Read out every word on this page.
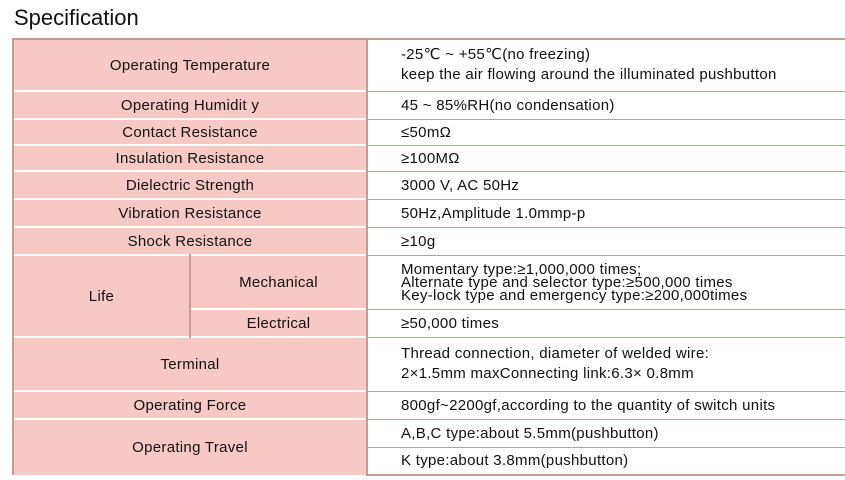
Specification
Operating Temperature		-25℃ ~ +55℃(no freezing)
keep the air flowing around the illuminated pushbutton

Operating Humidit y		45 ~ 85%RH(no condensation)
Contact Resistance		≤50mΩ
Insulation Resistance		≥100MΩ
Dielectric Strength		3000 V, AC 50Hz
Vibration Resistance		50Hz,Amplitude 1.0mmp-p
Shock Resistance		≥10g
Life	Mechanical	Momentary type:≥1,000,000 times;
Alternate type and selector type:≥500,000 times
Key-lock type and emergency type:≥200,000times

	Electrical	≥50,000 times
Terminal		Thread connection, diameter of welded wire:
2×1.5mm maxConnecting link:6.3× 0.8mm

Operating Force		800gf~2200gf,according to the quantity of switch units
Operating Travel		A,B,C type:about 5.5mm(pushbutton)
		K type:about 3.8mm(pushbutton)
